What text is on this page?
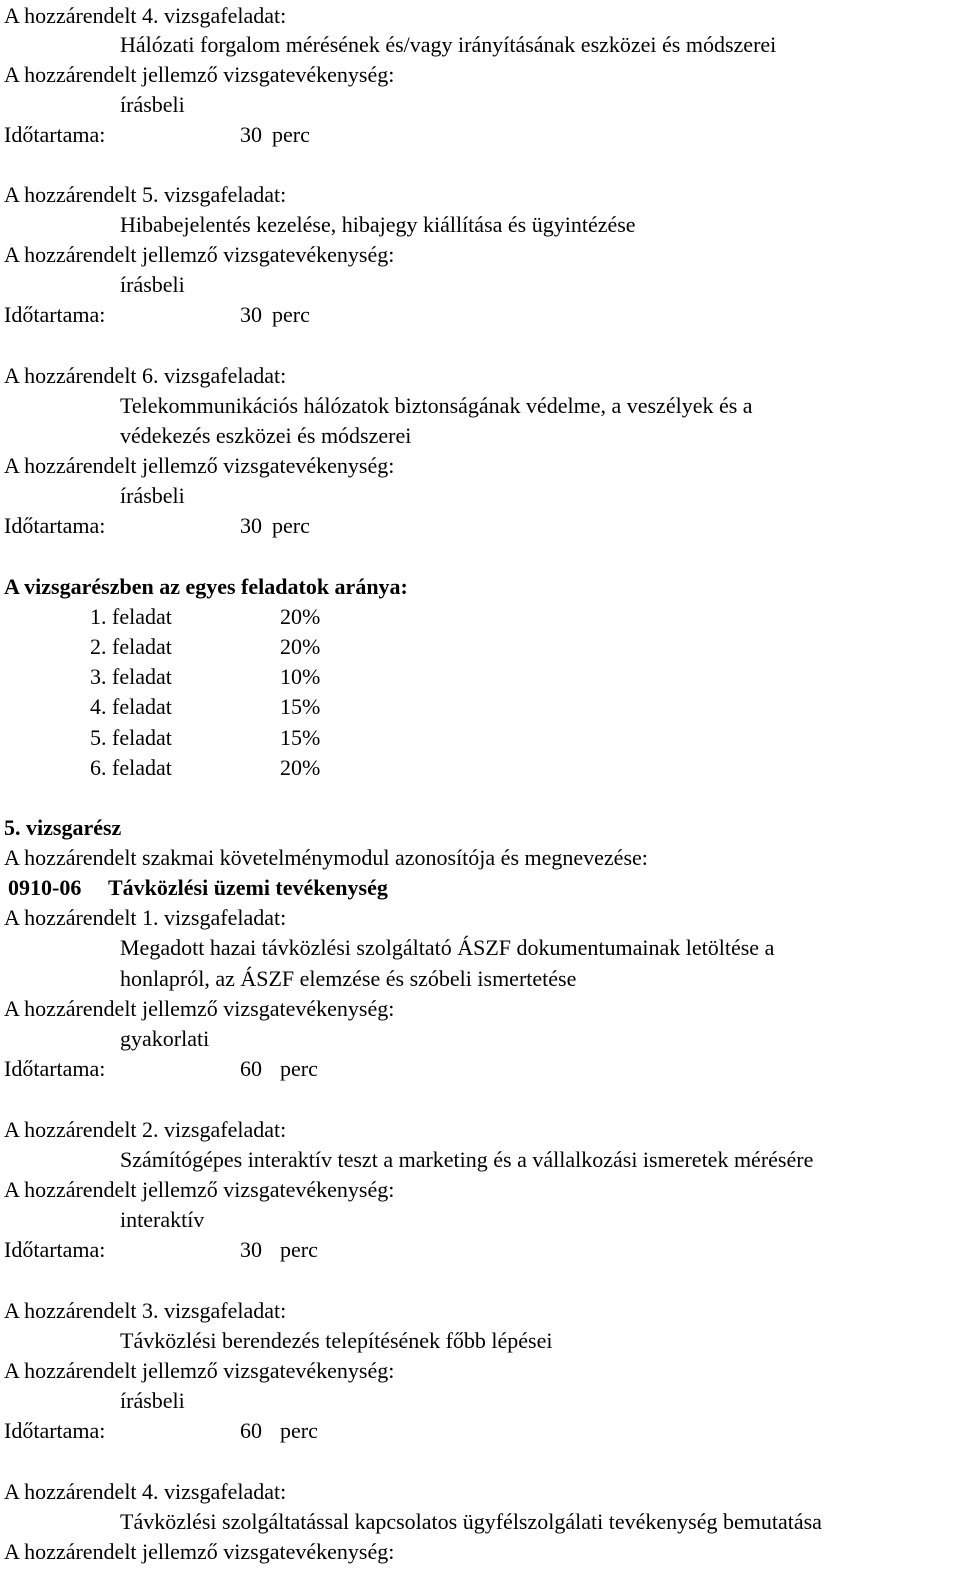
A hozzárendelt 4. vizsgafeladat:
Hálózati forgalom mérésének és/vagy irányításának eszközei és módszerei
A hozzárendelt jellemző vizsgatevékenység:
írásbeli
Időtartama:	30 perc
A hozzárendelt 5. vizsgafeladat:
Hibabejelentés kezelése, hibajegy kiállítása és ügyintézése
A hozzárendelt jellemző vizsgatevékenység:
írásbeli
Időtartama:	30 perc
A hozzárendelt 6. vizsgafeladat:
Telekommunikációs hálózatok biztonságának védelme, a veszélyek és a
védekezés eszközei és módszerei
A hozzárendelt jellemző vizsgatevékenység:
írásbeli
Időtartama:	30 perc
A vizsgarészben az egyes feladatok aránya:
1. feladat	20%
2. feladat	20%
3. feladat	10%
4. feladat	15%
5. feladat	15%
6. feladat	20%
5. vizsgarész
A hozzárendelt szakmai követelménymodul azonosítója és megnevezése:
0910-06 Távközlési üzemi tevékenység
A hozzárendelt 1. vizsgafeladat:
Megadott hazai távközlési szolgáltató ÁSZF dokumentumainak letöltése a
honlapról, az ÁSZF elemzése és szóbeli ismertetése
A hozzárendelt jellemző vizsgatevékenység:
gyakorlati
Időtartama:	60 perc
A hozzárendelt 2. vizsgafeladat:
Számítógépes interaktív teszt a marketing és a vállalkozási ismeretek mérésére
A hozzárendelt jellemző vizsgatevékenység:
interaktív
Időtartama:	30 perc
A hozzárendelt 3. vizsgafeladat:
Távközlési berendezés telepítésének főbb lépései
A hozzárendelt jellemző vizsgatevékenység:
írásbeli
Időtartama:	60 perc
A hozzárendelt 4. vizsgafeladat:
Távközlési szolgáltatással kapcsolatos ügyfélszolgálati tevékenység bemutatása
A hozzárendelt jellemző vizsgatevékenység:
